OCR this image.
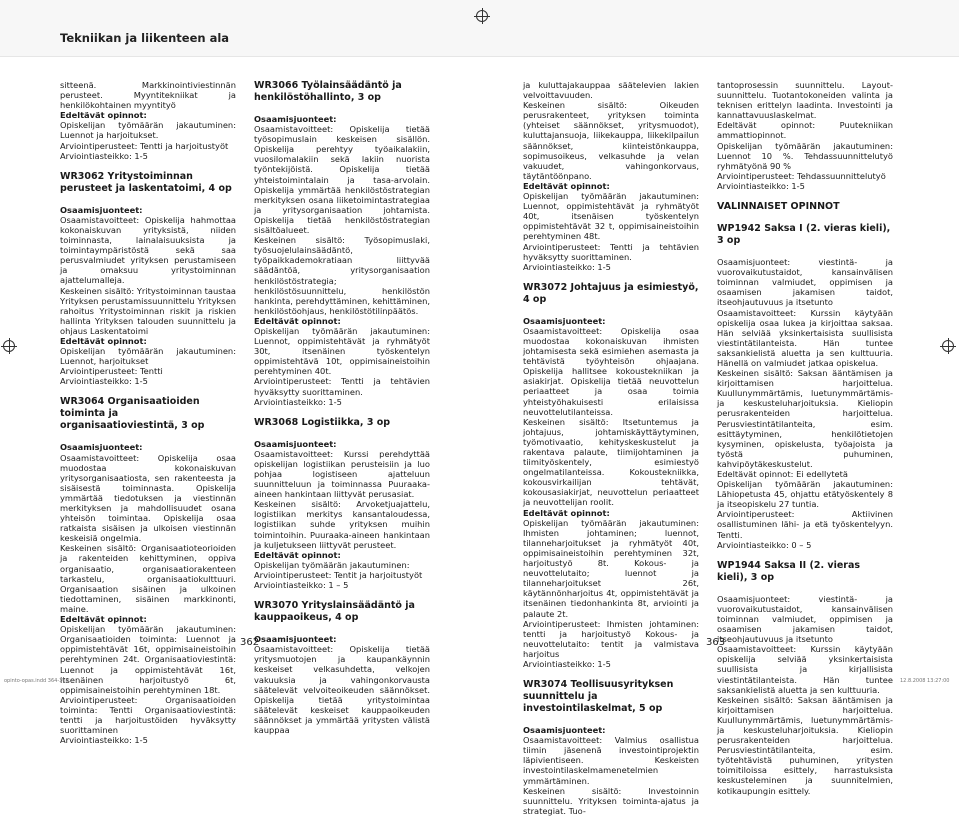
Tekniikan ja liikenteen ala

sitteenä. Markkinointiviestinnän perusteet. Myyntitekniikat ja henkilökohtainen myyntityö

Edeltävät opinnot:

Opiskelijan työmäärän jakautuminen: Luennot ja harjoitukset.

Arviointiperusteet: Tentti ja harjoitustyöt

Arviointiasteikko: 1-5

WR3062 Yritystoiminnan perusteet ja laskentatoimi, 4 op

Osaamisjuonteet:

Osaamistavoitteet: Opiskelija hahmottaa kokonaiskuvan yrityksistä, niiden toiminnasta, lainalaisuuksista ja toimintaympäristöstä sekä saa perusvalmiudet yrityksen perustamiseen ja omaksuu yritystoiminnan ajattelumalleja.

Keskeinen sisältö: Yritystoiminnan taustaa Yrityksen perustamissuunnittelu Yrityksen rahoitus Yritystoiminnan riskit ja riskien hallinta Yrityksen talouden suunnittelu ja ohjaus Laskentatoimi

Edeltävät opinnot:

Opiskelijan työmäärän jakautuminen: Luennot, harjoitukset

Arviointiperusteet: Tentti

Arviointiasteikko: 1-5

WR3064 Organisaatioiden toiminta ja organisaatioviestintä, 3 op

Osaamisjuonteet:

Osaamistavoitteet: Opiskelija osaa muodostaa kokonaiskuvan yritysorganisaatiosta, sen rakenteesta ja sisäisestä toiminnasta. Opiskelija ymmärtää tiedotuksen ja viestinnän merkityksen ja mahdollisuudet osana yhteisön toimintaa. Opiskelija osaa ratkaista sisäisen ja ulkoisen viestinnän keskeisiä ongelmia.

Keskeinen sisältö: Organisaatioteorioiden ja rakenteiden kehittyminen, oppiva organisaatio, organisaatiorakenteen tarkastelu, organisaatiokulttuuri. Organisaation sisäinen ja ulkoinen tiedottaminen, sisäinen markkinonti, maine.

Edeltävät opinnot:

Opiskelijan työmäärän jakautuminen: Organisaatioiden toiminta: Luennot ja oppimistehtävät 16t, oppimisaineistoihin perehtyminen 24t. Organisaatioviestintä: Luennot ja oppimistehtävät 16t, itsenäinen harjoitustyö 6t, oppimisaineistoihin perehtyminen 18t.

Arviointiperusteet: Organisaatioiden toiminta: Tentti Organisaatioviestintä: tentti ja harjoitustöiden hyväksytty suorittaminen

Arviointiasteikko: 1-5

WR3066 Työlainsäädäntö ja henkilöstöhallinto, 3 op

Osaamisjuonteet:

Osaamistavoitteet: Opiskelija tietää työsopimuslain keskeisen sisällön. Opiskelija perehtyy työaikalakiin, vuosilomalakiin sekä lakiin nuorista työntekijöistä. Opiskelija tietää yhteistoimintalain ja tasa-arvolain. Opiskelija ymmärtää henkilöstöstrategian merkityksen osana liiketoimintastrategiaa ja yritysorganisaation johtamista. Opiskelija tietää henkilöstöstrategian sisältöalueet.

Keskeinen sisältö: Työsopimuslaki, työsuojelulainsäädäntö, työpaikkademokratiaan liittyvää säädäntöä, yritysorganisaation henkilöstöstrategia; henkilöstösuunnittelu, henkilöstön hankinta, perehdyttäminen, kehittäminen, henkilöstöohjaus, henkilöstötilinpäätös.

Edeltävät opinnot:

Opiskelijan työmäärän jakautuminen: Luennot, oppimistehtävät ja ryhmätyöt 30t, itsenäinen työskentelyn oppimistehtävä 10t, oppimisaineistoihin perehtyminen 40t.

Arviointiperusteet: Tentti ja tehtävien hyväksytty suorittaminen.

Arviointiasteikko: 1-5

WR3068 Logistiikka, 3 op

Osaamisjuonteet:

Osaamistavoitteet: Kurssi perehdyttää opiskelijan logistiikan perusteisiin ja luo pohjaa logistiseen ajatteluun suunnitteluun ja toiminnassa Puuraaka-aineen hankintaan liittyvät perusasiat.

Keskeinen sisältö: Arvoketjuajattelu, logistiikan merkitys kansantaloudessa, logistiikan suhde yrityksen muihin toimintoihin. Puuraaka-aineen hankintaan ja kuljetukseen liittyvät perusteet.

Edeltävät opinnot:

Opiskelijan työmäärän jakautuminen:

Arviointiperusteet: Tentit ja harjoitustyöt

Arviointiasteikko: 1 – 5

WR3070 Yrityslainsäädäntö ja kauppaoikeus, 4 op

Osaamisjuonteet:

Osaamistavoitteet: Opiskelija tietää yritysmuotojen ja kaupankäynnin keskeiset velkasuhdetta, velkojen vakuuksia ja vahingonkorvausta säätelevät velvoiteoikeuden säännökset. Opiskelija tietää yritystoimintaa säätelevät keskeiset kauppaoikeuden säännökset ja ymmärtää yritysten välistä kauppaa

ja kuluttajakauppaa säätelevien lakien velvoittavuuden.

Keskeinen sisältö: Oikeuden perusrakenteet, yrityksen toiminta (yhteiset säännökset, yritysmuodot), kuluttajansuoja, liikekauppa, liikekilpailun säännökset, kiinteistönkauppa, sopimusoikeus, velkasuhde ja velan vakuudet, vahingonkorvaus, täytäntöönpano.

Edeltävät opinnot:

Opiskelijan työmäärän jakautuminen: Luennot, oppimistehtävät ja ryhmätyöt 40t, itsenäisen työskentelyn oppimistehtävät 32 t, oppimisaineistoihin perehtyminen 48t.

Arviointiperusteet: Tentti ja tehtävien hyväksytty suorittaminen.

Arviointiasteikko: 1-5

WR3072 Johtajuus ja esimiestyö, 4 op

Osaamisjuonteet:

Osaamistavoitteet: Opiskelija osaa muodostaa kokonaiskuvan ihmisten johtamisesta sekä esimiehen asemasta ja tehtävistä työyhteisön ohjaajana. Opiskelija hallitsee kokoustekniikan ja asiakirjat. Opiskelija tietää neuvottelun periaatteet ja osaa toimia yhteistyöhakuisesti erilaisissa neuvottelutilanteissa.

Keskeinen sisältö: Itsetuntemus ja johtajuus, johtamiskäyttäytyminen, työmotivaatio, kehityskeskustelut ja rakentava palaute, tiimijohtaminen ja tiimityöskentely, esimiestyö ongelmatilanteissa. Kokoustekniikka, kokousvirkailijan tehtävät, kokousasiakirjat, neuvottelun periaatteet ja neuvottelijan roolit.

Edeltävät opinnot:

Opiskelijan työmäärän jakautuminen: Ihmisten johtaminen; luennot, tilanneharjoitukset ja ryhmätyöt 40t, oppimisaineistoihin perehtyminen 32t, harjoitustyö 8t. Kokous- ja neuvottelutaito; luennot ja tilanneharjoitukset 26t, käytännönharjoitus 4t, oppimistehtävät ja itsenäinen tiedonhankinta 8t, arviointi ja palaute 2t.

Arviointiperusteet: Ihmisten johtaminen: tentti ja harjoitustyö Kokous- ja neuvottelutaito: tentit ja valmistava harjoitus

Arviointiasteikko: 1-5

WR3074 Teollisuusyrityksen suunnittelu ja investointilaskelmat, 5 op

Osaamisjuonteet:

Osaamistavoitteet: Valmius osallistua tiimin jäsenenä investointiprojektin läpivientiseen. Keskeisten investointilaskelmamenetelmien ymmärtäminen.

Keskeinen sisältö: Investoinnin suunnittelu. Yrityksen toiminta-ajatus ja strategiat. Tuo-

tantoprosessin suunnittelu. Layout-suunnittelu. Tuotantokoneiden valinta ja teknisen erittelyn laadinta. Investointi ja kannattavuuslaskelmat.

Edeltävät opinnot: Puutekniikan ammattiopinnot.

Opiskelijan työmäärän jakautuminen: Luennot 10 %. Tehdassuunnittelutyö ryhmätyönä 90 %

Arviointiperusteet: Tehdassuunnittelutyö

Arviointiasteikko: 1-5

VALINNAISET OPINNOT
WP1942 Saksa I (2. vieras kieli), 3 op

Osaamisjuonteet: viestintä- ja vuorovaikutustaidot, kansainvälisen toiminnan valmiudet, oppimisen ja osaamisen jakamisen taidot, itseohjautuvuus ja itsetunto

Osaamistavoitteet: Kurssin käytyään opiskelija osaa lukea ja kirjoittaa saksaa. Hän selviää yksinkertaisista suullisista viestintätilanteista. Hän tuntee saksankielistä aluetta ja sen kulttuuria. Hänellä on valmiudet jatkaa opiskelua.

Keskeinen sisältö: Saksan ääntämisen ja kirjoittamisen harjoittelua. Kuullunymmärtämis, luetunymmärtämis- ja keskusteluharjoituksia. Kieliopin perusrakenteiden harjoittelua. Perusviestintätilanteita, esim. esittäytyminen, henkilötietojen kysyminen, opiskelusta, työajoista ja työstä puhuminen, kahvipöytäkeskustelut.

Edeltävät opinnot: Ei edellytetä

Opiskelijan työmäärän jakautuminen: Lähiopetusta 45, ohjattu etätyöskentely 8 ja itseopiskelu 27 tuntia.

Arviointiperusteet: Aktiivinen osallistuminen lähi- ja etä työskentelyyn. Tentti.

Arviointiasteikko: 0 – 5

WP1944 Saksa II (2. vieras kieli), 3 op

Osaamisjuonteet: viestintä- ja vuorovaikutustaidot, kansainvälisen toiminnan valmiudet, oppimisen ja osaamisen jakamisen taidot, itseohjautuvuus ja itsetunto

Osaamistavoitteet: Kurssin käytyään opiskelija selviää yksinkertaisista suullisista ja kirjallisista viestintätilanteista. Hän tuntee saksankielistä aluetta ja sen kulttuuria.

Keskeinen sisältö: Saksan ääntämisen ja kirjoittamisen harjoittelua. Kuullunymmärtämis, luetunymmärtämis- ja keskusteluharjoituksia. Kieliopin perusrakenteiden harjoittelua. Perusviestintätilanteita, esim. työtehtävistä puhuminen, yritysten toimitiloissa esittely, harrastuksista keskusteleminen ja suunnitelmien, kotikaupungin esittely.

362	363
opinto-opas.indd 364-365	12.8.2008 13:27:00
